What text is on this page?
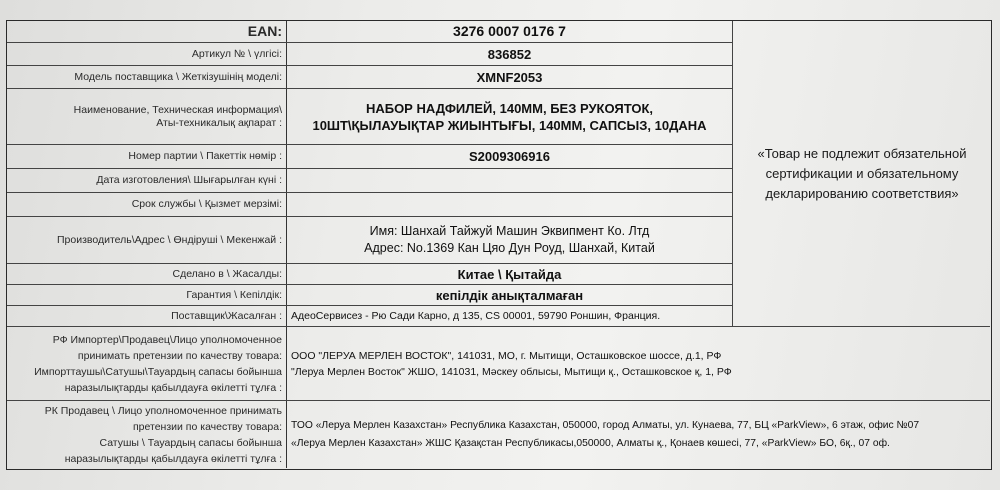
«Товар не подлежит обязательной сертификации и обязательному декларированию соответствия»
EAN:	3276 0007 0176 7
Артикул № \ үлгісі:	836852
Модель поставщика \ Жеткізушінің моделі:	XMNF2053
Наименование, Техническая информация\
Аты-техникалық ақпарат :
НАБОР НАДФИЛЕЙ, 140ММ, БЕЗ РУКОЯТОК,
10ШТ\ҚЫЛАУЫҚТАР ЖИЫНТЫҒЫ, 140ММ, САПСЫЗ, 10ДАНА
Номер партии \ Пакеттік нөмір :	S2009306916
Дата изготовления\ Шығарылған күні :
Срок службы \ Қызмет мерзімі:
Производитель\Адрес \ Өндіруші \ Мекенжай :
Имя: Шанхай Тайжуй Машин Эквипмент Ко. Лтд
Адрес: No.1369 Кан Цяо Дун Роуд, Шанхай, Китай
Сделано в \ Жасалды:	Китае \ Қытайда
Гарантия \ Кепілдік:	кепілдік анықталмаған
Поставщик\Жасалған : АдеоСервисез - Рю Сади Карно, д 135, CS 00001, 59790 Роншин, Франция.
РФ Импортер\Продавец\Лицо уполномоченное
принимать претензии по качеству товара:
Импорттаушы\Сатушы\Тауардың сапасы бойынша
наразылықтарды қабылдауға өкілетті тұлға :
ООО "ЛЕРУА МЕРЛЕН ВОСТОК", 141031, МО, г. Мытищи, Осташковское шоссе, д.1, РФ
"Леруа Мерлен Восток" ЖШО, 141031, Мәскеу облысы, Мытищи қ., Осташковское қ, 1, РФ
РК Продавец \ Лицо уполномоченное принимать
претензии по качеству товара:
Сатушы \ Тауардың сапасы бойынша
наразылықтарды қабылдауға өкілетті тұлға :
ТОО «Леруа Мерлен Казахстан» Республика Казахстан, 050000, город Алматы, ул. Кунаева, 77, БЦ «ParkView», 6 этаж, офис №07
«Леруа Мерлен Казахстан» ЖШС Қазақстан Республикасы,050000, Алматы қ., Қонаев көшесі, 77, «ParkView» БО, 6қ., 07 оф.
